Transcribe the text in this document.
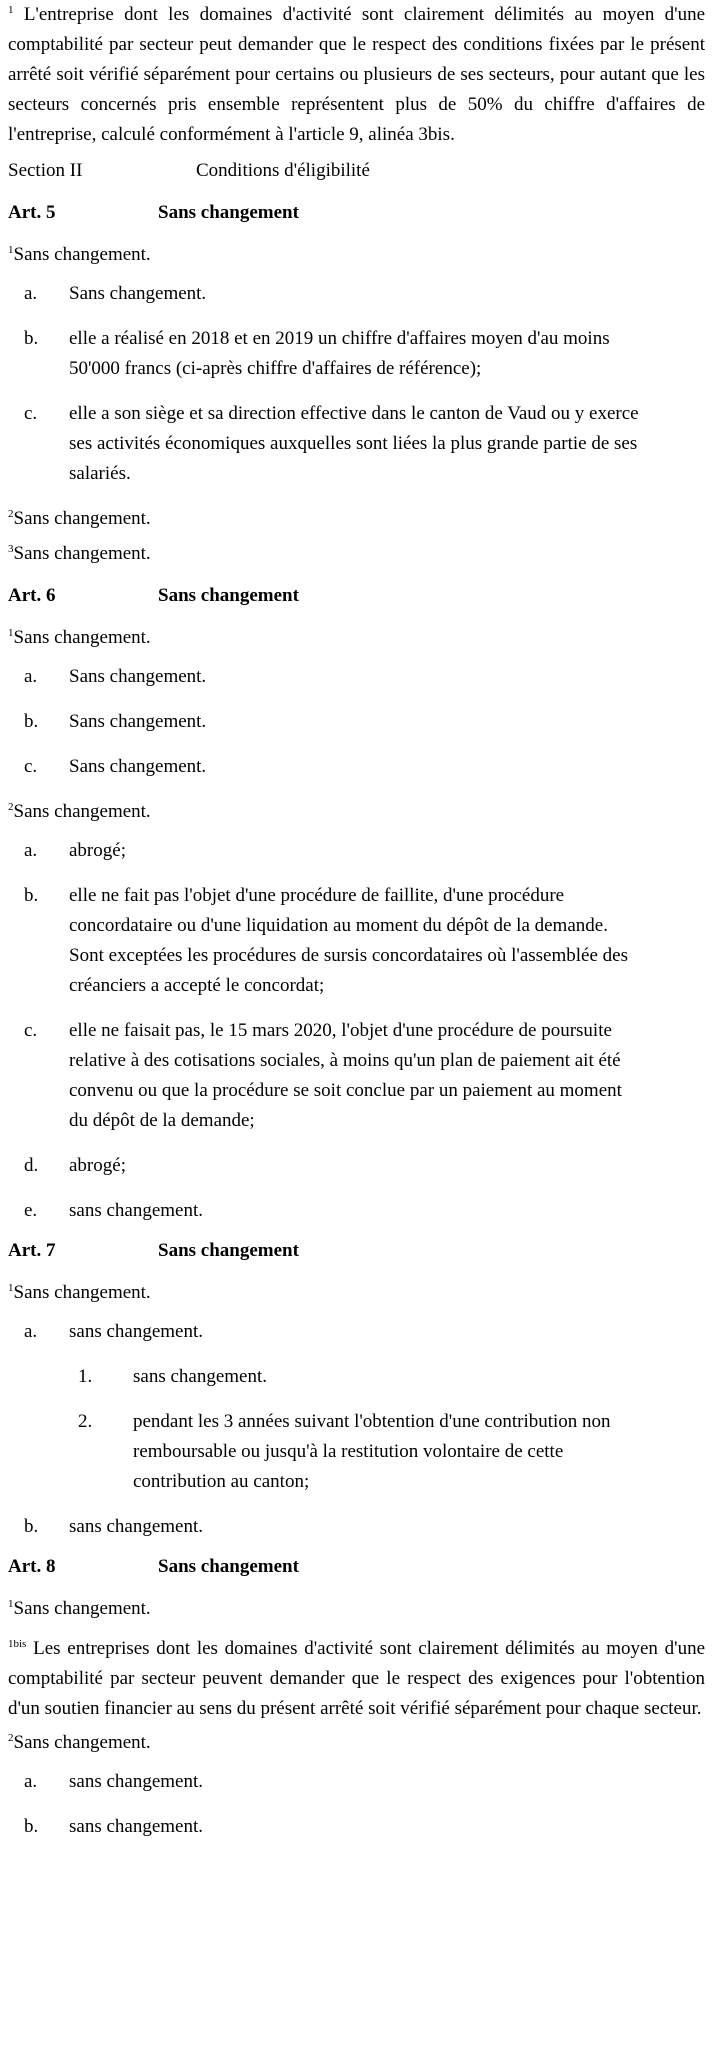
$^1$ L'entreprise dont les domaines d'activité sont clairement délimités au moyen d'une comptabilité par secteur peut demander que le respect des conditions fixées par le présent arrêté soit vérifié séparément pour certains ou plusieurs de ses secteurs, pour autant que les secteurs concernés pris ensemble représentent plus de 50% du chiffre d'affaires de l'entreprise, calculé conformément à l'article 9, alinéa 3bis.

Section II	Conditions d'éligibilité
Art. 5	Sans changement
$^1$Sans changement.
a.	Sans changement.
b.	elle a réalisé en 2018 et en 2019 un chiffre d'affaires moyen d'au moins 50'000 francs (ci-après chiffre d'affaires de référence);
c.	elle a son siège et sa direction effective dans le canton de Vaud ou y exerce ses activités économiques auxquelles sont liées la plus grande partie de ses salariés.
$^2$Sans changement.
$^3$Sans changement.
Art. 6	Sans changement
$^1$Sans changement.
a.	Sans changement.
b.	Sans changement.
c.	Sans changement.
$^2$Sans changement.
a.	abrogé;
b.	elle ne fait pas l'objet d'une procédure de faillite, d'une procédure concordataire ou d'une liquidation au moment du dépôt de la demande. Sont exceptées les procédures de sursis concordataires où l'assemblée des créanciers a accepté le concordat;
c.	elle ne faisait pas, le 15 mars 2020, l'objet d'une procédure de poursuite relative à des cotisations sociales, à moins qu'un plan de paiement ait été convenu ou que la procédure se soit conclue par un paiement au moment du dépôt de la demande;
d.	abrogé;
e.	sans changement.
Art. 7	Sans changement
$^1$Sans changement.
a.	sans changement.
1.	sans changement.
2.	pendant les 3 années suivant l'obtention d'une contribution non remboursable ou jusqu'à la restitution volontaire de cette contribution au canton;
b.	sans changement.
Art. 8	Sans changement
$^1$Sans changement.

$^{1bis}$ Les entreprises dont les domaines d'activité sont clairement délimités au moyen d'une comptabilité par secteur peuvent demander que le respect des exigences pour l'obtention d'un soutien financier au sens du présent arrêté soit vérifié séparément pour chaque secteur.

$^2$Sans changement.
a.	sans changement.
b.	sans changement.
